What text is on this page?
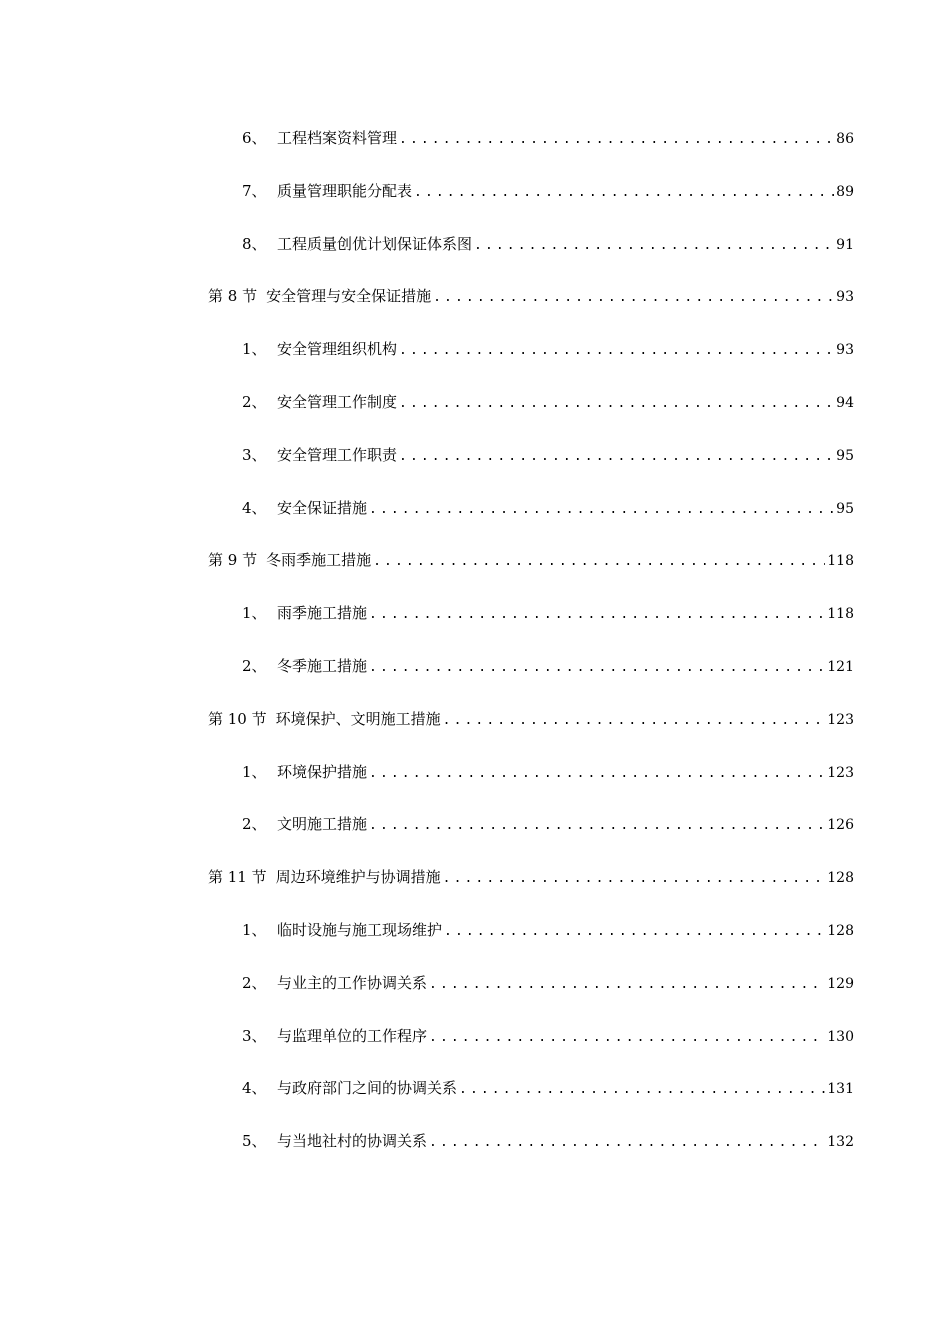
6、 工程档案资料管理 .....	86
7、 质量管理职能分配表 .....	89
8、 工程质量创优计划保证体系图 .....	91
第 8 节 安全管理与安全保证措施 .....	93
1、 安全管理组织机构 .....	93
2、 安全管理工作制度 .....	94
3、 安全管理工作职责 .....	95
4、 安全保证措施 .....	95
第 9 节 冬雨季施工措施 .....	118
1、 雨季施工措施 .....	118
2、 冬季施工措施 .....	121
第 10 节 环境保护、文明施工措施 .....	123
1、 环境保护措施 .....	123
2、 文明施工措施 .....	126
第 11 节 周边环境维护与协调措施 .....	128
1、 临时设施与施工现场维护 .....	128
2、 与业主的工作协调关系 .....	129
3、 与监理单位的工作程序 .....	130
4、 与政府部门之间的协调关系 .....	131
5、 与当地社村的协调关系 .....	132
